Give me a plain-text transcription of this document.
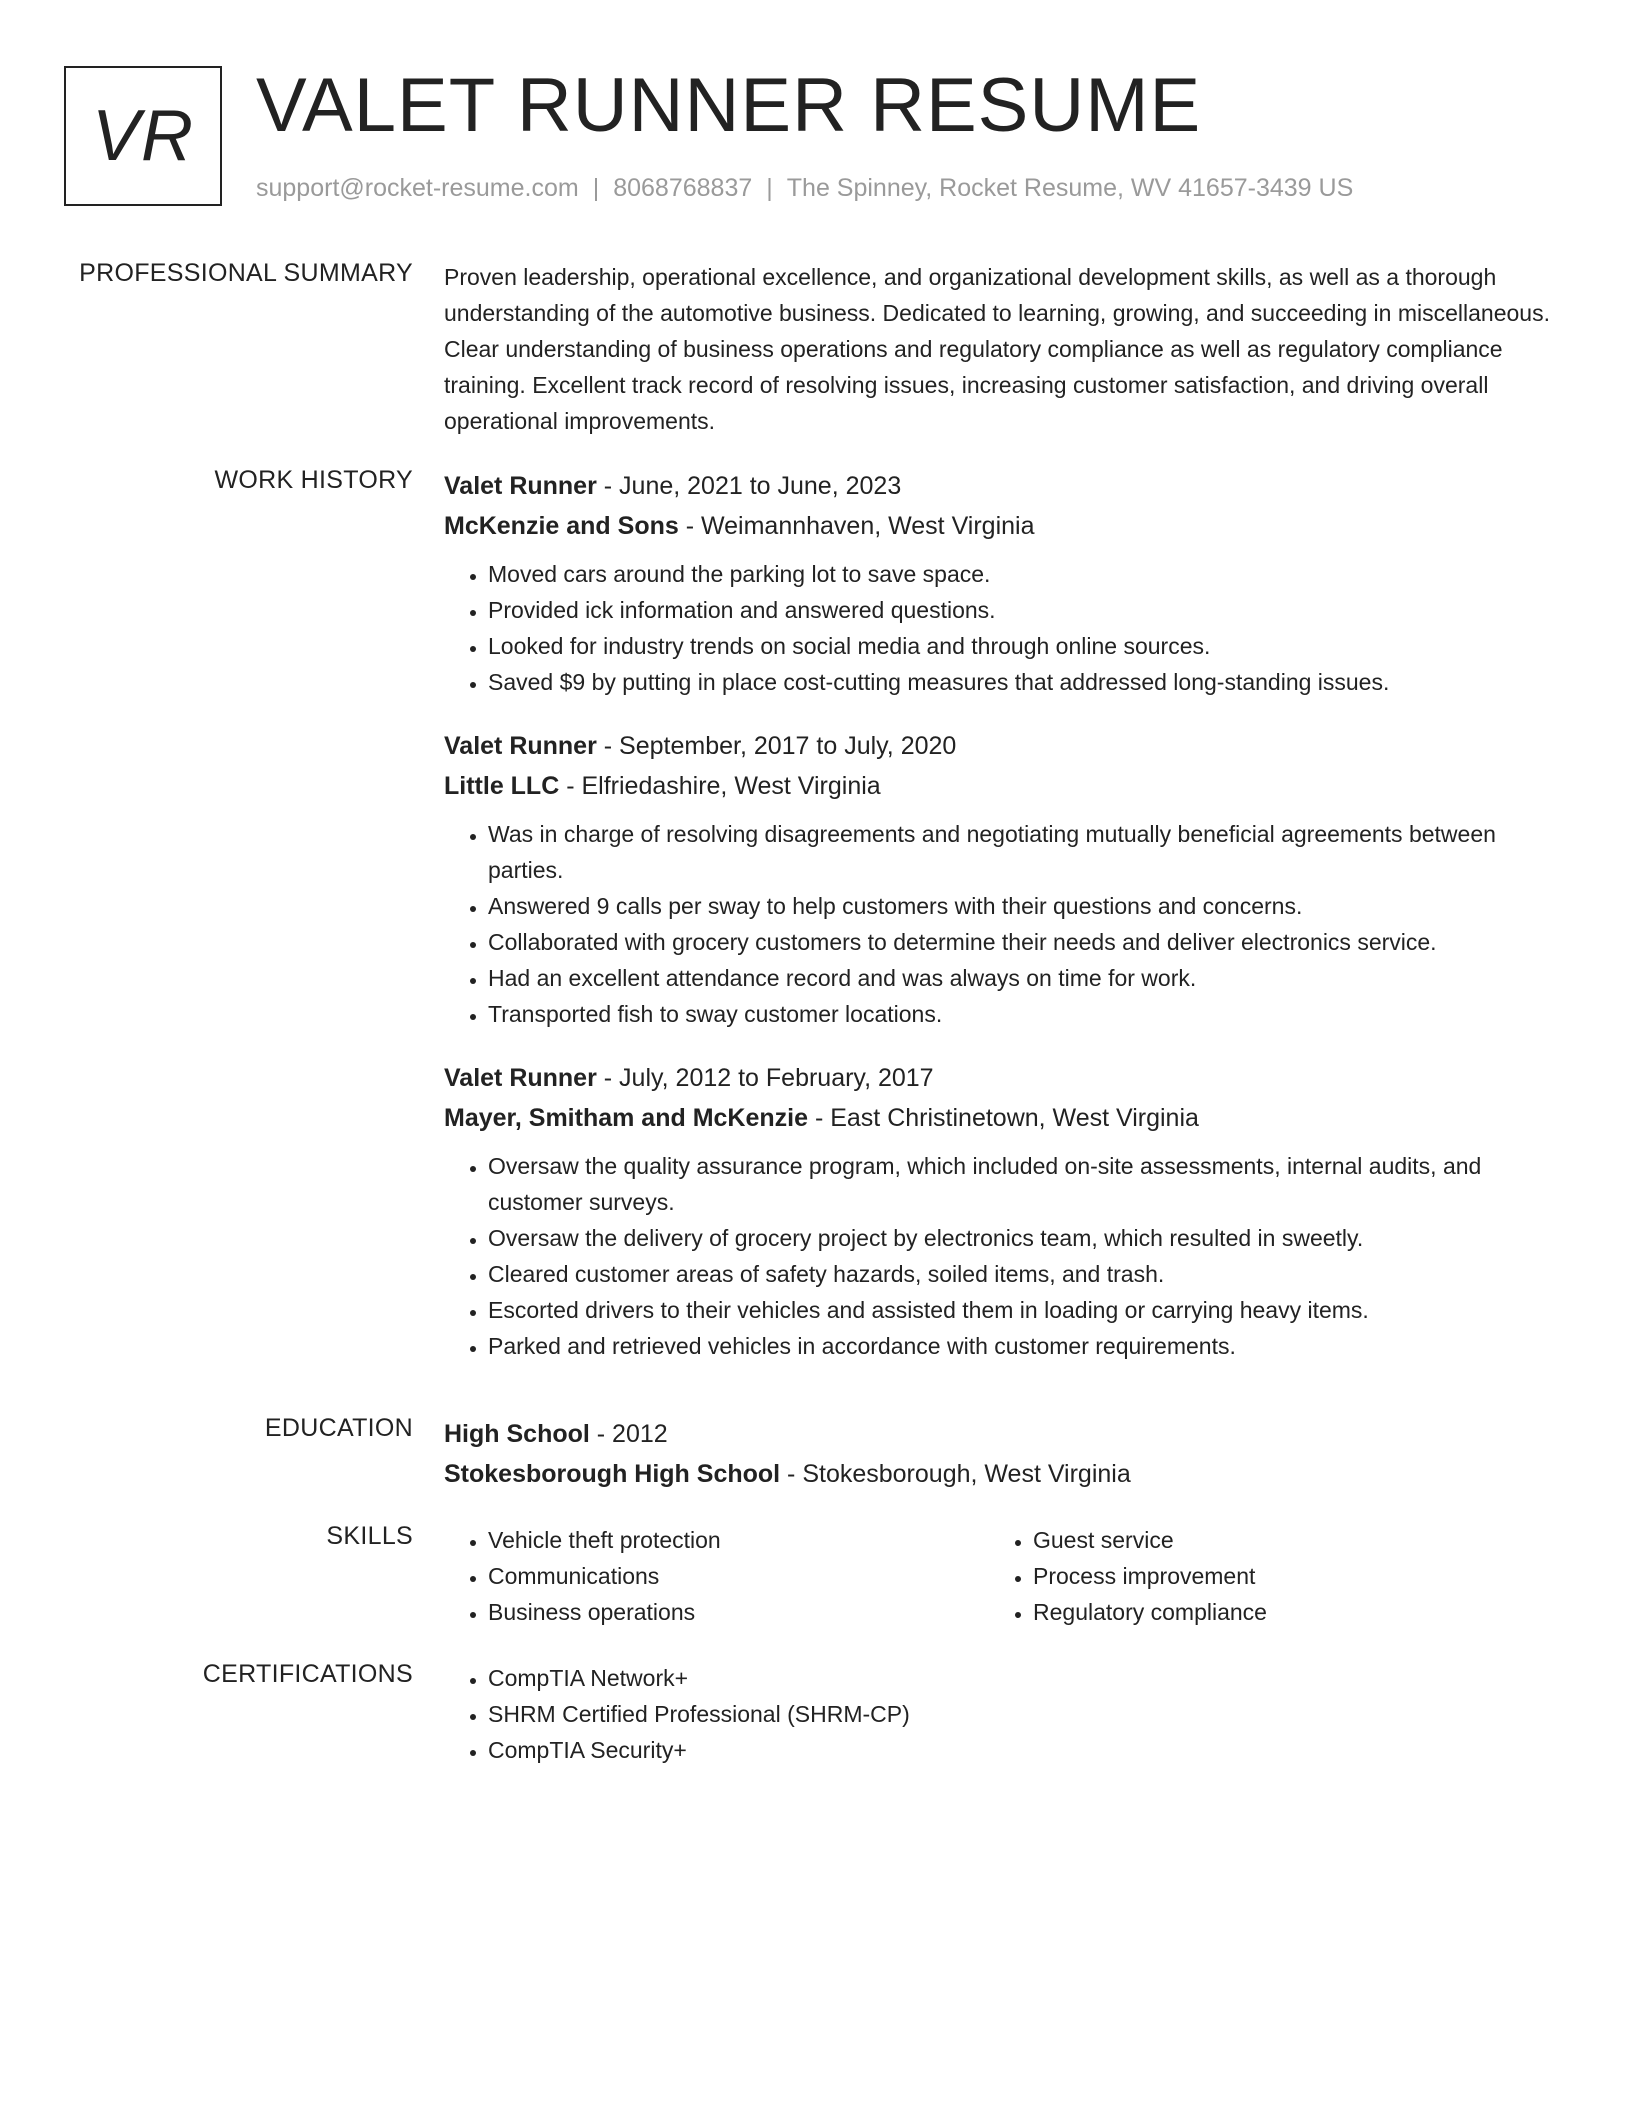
VR VALET RUNNER RESUME
support@rocket-resume.com | 8068768837 | The Spinney, Rocket Resume, WV 41657-3439 US
PROFESSIONAL SUMMARY Proven leadership, operational excellence, and organizational development skills, as well as a thorough understanding of the automotive business. Dedicated to learning, growing, and succeeding in miscellaneous. Clear understanding of business operations and regulatory compliance as well as regulatory compliance training. Excellent track record of resolving issues, increasing customer satisfaction, and driving overall operational improvements.

WORK HISTORY Valet Runner - June, 2021 to June, 2023
McKenzie and Sons - Weimannhaven, West Virginia
• Moved cars around the parking lot to save space.
• Provided ick information and answered questions.
• Looked for industry trends on social media and through online sources.
• Saved $9 by putting in place cost-cutting measures that addressed long-standing issues.
Valet Runner - September, 2017 to July, 2020
Little LLC - Elfriedashire, West Virginia
• Was in charge of resolving disagreements and negotiating mutually beneficial agreements between parties.
• Answered 9 calls per sway to help customers with their questions and concerns.
• Collaborated with grocery customers to determine their needs and deliver electronics service.
• Had an excellent attendance record and was always on time for work.
• Transported fish to sway customer locations.
Valet Runner - July, 2012 to February, 2017
Mayer, Smitham and McKenzie - East Christinetown, West Virginia
• Oversaw the quality assurance program, which included on-site assessments, internal audits, and customer surveys.
• Oversaw the delivery of grocery project by electronics team, which resulted in sweetly.
• Cleared customer areas of safety hazards, soiled items, and trash.
• Escorted drivers to their vehicles and assisted them in loading or carrying heavy items.
• Parked and retrieved vehicles in accordance with customer requirements.
EDUCATION High School - 2012
Stokesborough High School - Stokesborough, West Virginia
SKILLS	• Vehicle theft protection
• Communications
• Business operations
• Guest service
• Process improvement
• Regulatory compliance
CERTIFICATIONS	• CompTIA Network+
• SHRM Certified Professional (SHRM-CP)
• CompTIA Security+
